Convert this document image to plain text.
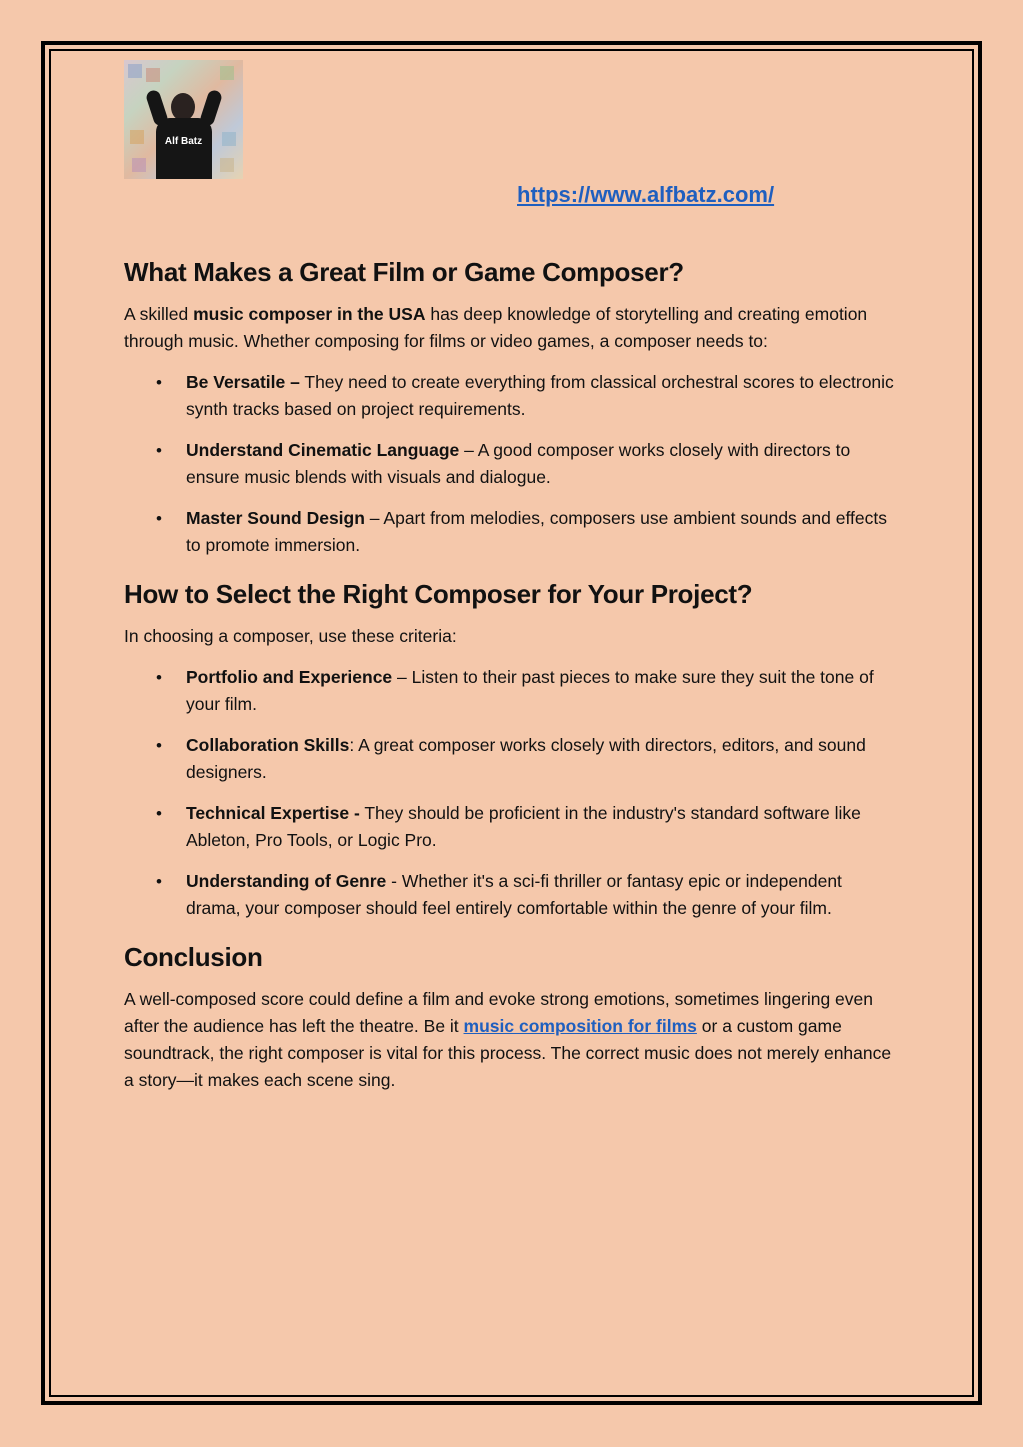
Alf Batz
https://www.alfbatz.com/
What Makes a Great Film or Game Composer?

A skilled music composer in the USA has deep knowledge of storytelling and creating emotion through music. Whether composing for films or video games, a composer needs to:

• Be Versatile – They need to create everything from classical orchestral scores to electronic synth tracks based on project requirements.
• Understand Cinematic Language – A good composer works closely with directors to ensure music blends with visuals and dialogue.
• Master Sound Design – Apart from melodies, composers use ambient sounds and effects to promote immersion.
How to Select the Right Composer for Your Project?

In choosing a composer, use these criteria:

• Portfolio and Experience – Listen to their past pieces to make sure they suit the tone of your film.
• Collaboration Skills: A great composer works closely with directors, editors, and sound designers.
• Technical Expertise - They should be proficient in the industry's standard software like Ableton, Pro Tools, or Logic Pro.
• Understanding of Genre - Whether it's a sci-fi thriller or fantasy epic or independent drama, your composer should feel entirely comfortable within the genre of your film.
Conclusion

A well-composed score could define a film and evoke strong emotions, sometimes lingering even after the audience has left the theatre. Be it music composition for films or a custom game soundtrack, the right composer is vital for this process. The correct music does not merely enhance a story—it makes each scene sing.
